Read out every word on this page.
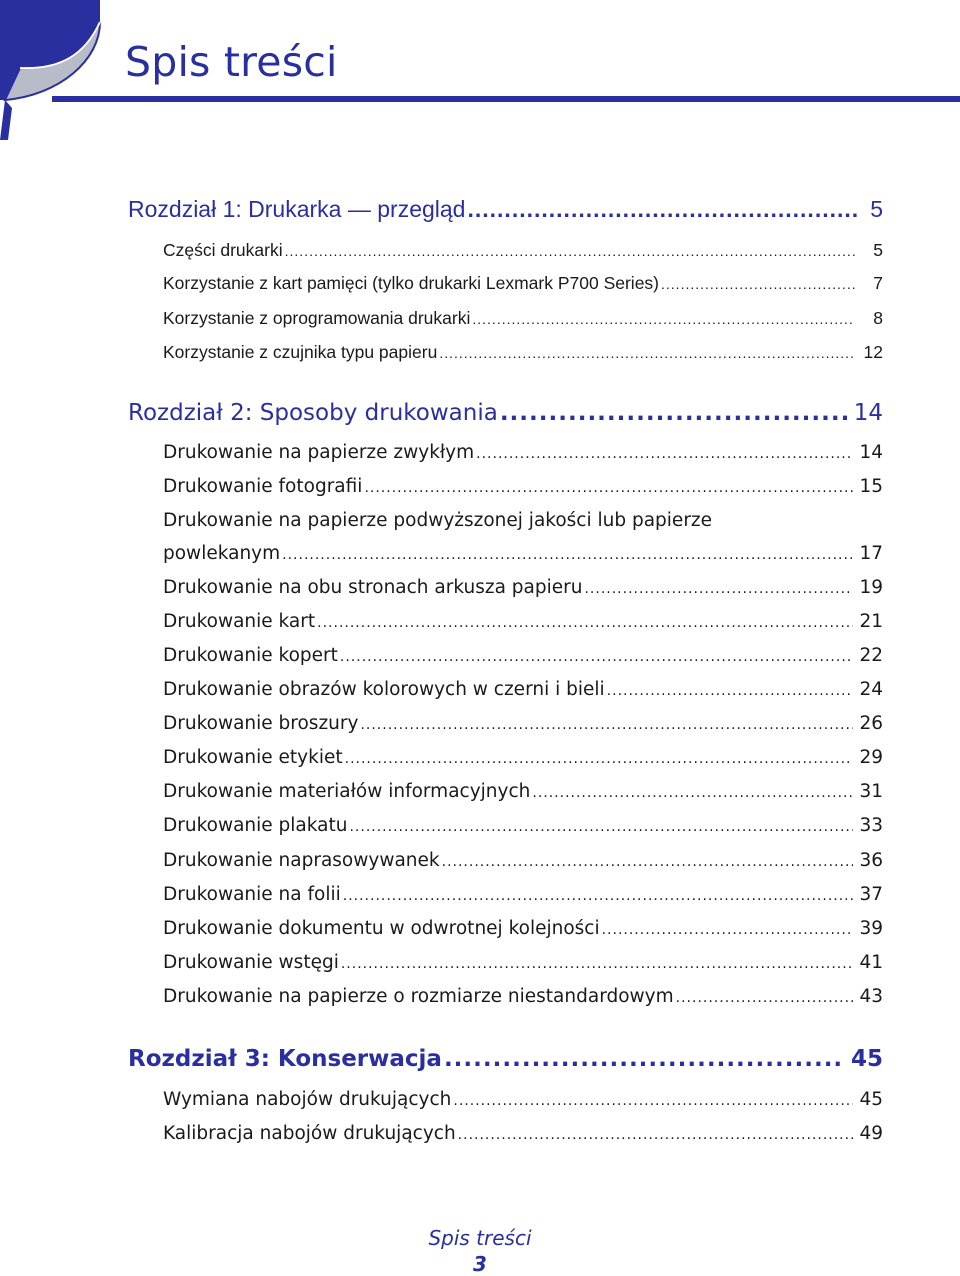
Spis treści
Rozdział 1: Drukarka — przegląd .....	5
Części drukarki .....	5
Korzystanie z kart pamięci (tylko drukarki Lexmark P700 Series) .....	7
Korzystanie z oprogramowania drukarki .....	8
Korzystanie z czujnika typu papieru .....	12
Rozdział 2: Sposoby drukowania .....	14
Drukowanie na papierze zwykłym .....	14
Drukowanie fotografii .....	15
Drukowanie na papierze podwyższonej jakości lub papierze
powlekanym .....	17
Drukowanie na obu stronach arkusza papieru .....	19
Drukowanie kart .....	21
Drukowanie kopert .....	22
Drukowanie obrazów kolorowych w czerni i bieli .....	24
Drukowanie broszury .....	26
Drukowanie etykiet .....	29
Drukowanie materiałów informacyjnych .....	31
Drukowanie plakatu .....	33
Drukowanie naprasowywanek .....	36
Drukowanie na folii .....	37
Drukowanie dokumentu w odwrotnej kolejności .....	39
Drukowanie wstęgi .....	41
Drukowanie na papierze o rozmiarze niestandardowym .....	43
Rozdział 3: Konserwacja .....	45
Wymiana nabojów drukujących .....	45
Kalibracja nabojów drukujących .....	49
Spis treści
3
